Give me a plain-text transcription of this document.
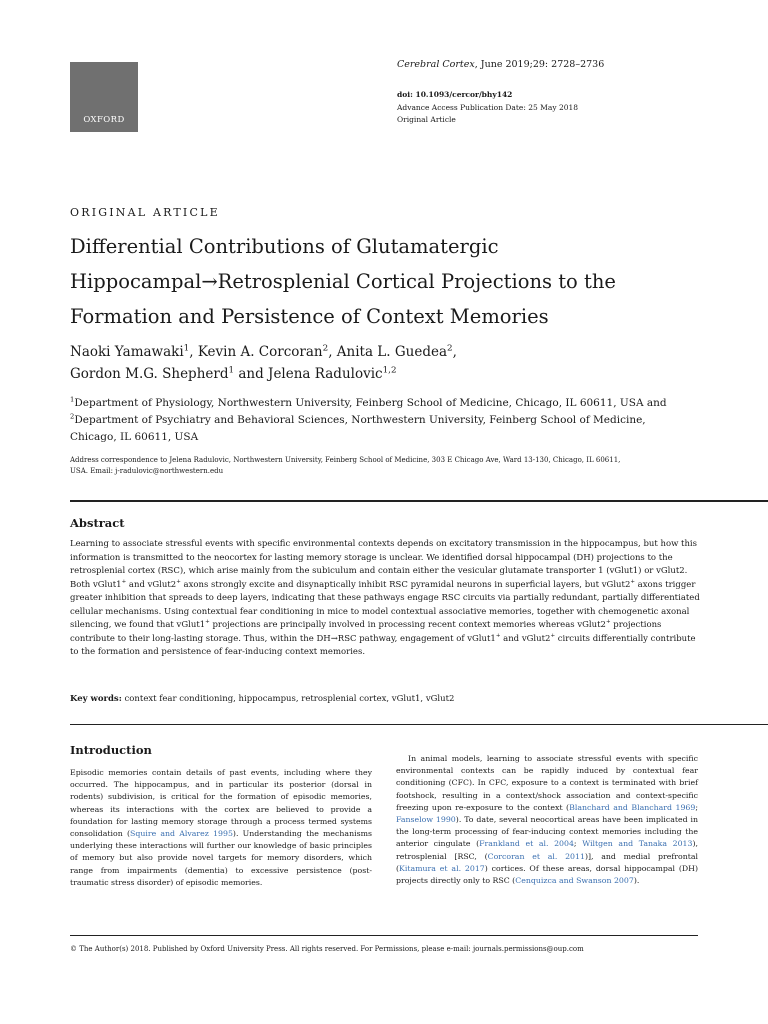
OXFORD
Cerebral Cortex, June 2019;29: 2728–2736
doi: 10.1093/cercor/bhy142
Advance Access Publication Date: 25 May 2018
Original Article
ORIGINAL ARTICLE
Differential Contributions of Glutamatergic
Hippocampal→Retrosplenial Cortical Projections to the
Formation and Persistence of Context Memories
Naoki Yamawaki$^1$, Kevin A. Corcoran$^2$, Anita L. Guedea$^2$,
Gordon M.G. Shepherd$^1$ and Jelena Radulovic$^{1,2}$
$^1$Department of Physiology, Northwestern University, Feinberg School of Medicine, Chicago, IL 60611, USA and
$^2$Department of Psychiatry and Behavioral Sciences, Northwestern University, Feinberg School of Medicine,
Chicago, IL 60611, USA
Address correspondence to Jelena Radulovic, Northwestern University, Feinberg School of Medicine, 303 E Chicago Ave, Ward 13-130, Chicago, IL 60611,
USA. Email: j-radulovic@northwestern.edu
Abstract
Learning to associate stressful events with specific environmental contexts depends on excitatory transmission in the hippocampus, but how this information is transmitted to the neocortex for lasting memory storage is unclear. We identified dorsal hippocampal (DH) projections to the retrosplenial cortex (RSC), which arise mainly from the subiculum and contain either the vesicular glutamate transporter 1 (vGlut1) or vGlut2. Both vGlut1+ and vGlut2+ axons strongly excite and disynaptically inhibit RSC pyramidal neurons in superficial layers, but vGlut2+ axons trigger greater inhibition that spreads to deep layers, indicating that these pathways engage RSC circuits via partially redundant, partially differentiated cellular mechanisms. Using contextual fear conditioning in mice to model contextual associative memories, together with chemogenetic axonal silencing, we found that vGlut1+ projections are principally involved in processing recent context memories whereas vGlut2+ projections contribute to their long-lasting storage. Thus, within the DH→RSC pathway, engagement of vGlut1+ and vGlut2+ circuits differentially contribute to the formation and persistence of fear-inducing context memories.
Key words: context fear conditioning, hippocampus, retrosplenial cortex, vGlut1, vGlut2
Introduction
Episodic memories contain details of past events, including where they occurred. The hippocampus, and in particular its posterior (dorsal in rodents) subdivision, is critical for the formation of episodic memories, whereas its interactions with the cortex are believed to provide a foundation for lasting memory storage through a process termed systems consolidation (Squire and Alvarez 1995). Understanding the mechanisms underlying these interactions will further our knowledge of basic principles of memory but also provide novel targets for memory disorders, which range from impairments (dementia) to excessive persistence (post-traumatic stress disorder) of episodic memories.
In animal models, learning to associate stressful events with specific environmental contexts can be rapidly induced by contextual fear conditioning (CFC). In CFC, exposure to a context is terminated with brief footshock, resulting in a context/shock association and context-specific freezing upon re-exposure to the context (Blanchard and Blanchard 1969; Fanselow 1990). To date, several neocortical areas have been implicated in the long-term processing of fear-inducing context memories including the anterior cingulate (Frankland et al. 2004; Wiltgen and Tanaka 2013), retrosplenial [RSC, (Corcoran et al. 2011)], and medial prefrontal (Kitamura et al. 2017) cortices. Of these areas, dorsal hippocampal (DH) projects directly only to RSC (Cenquizca and Swanson 2007).
© The Author(s) 2018. Published by Oxford University Press. All rights reserved. For Permissions, please e-mail: journals.permissions@oup.com
